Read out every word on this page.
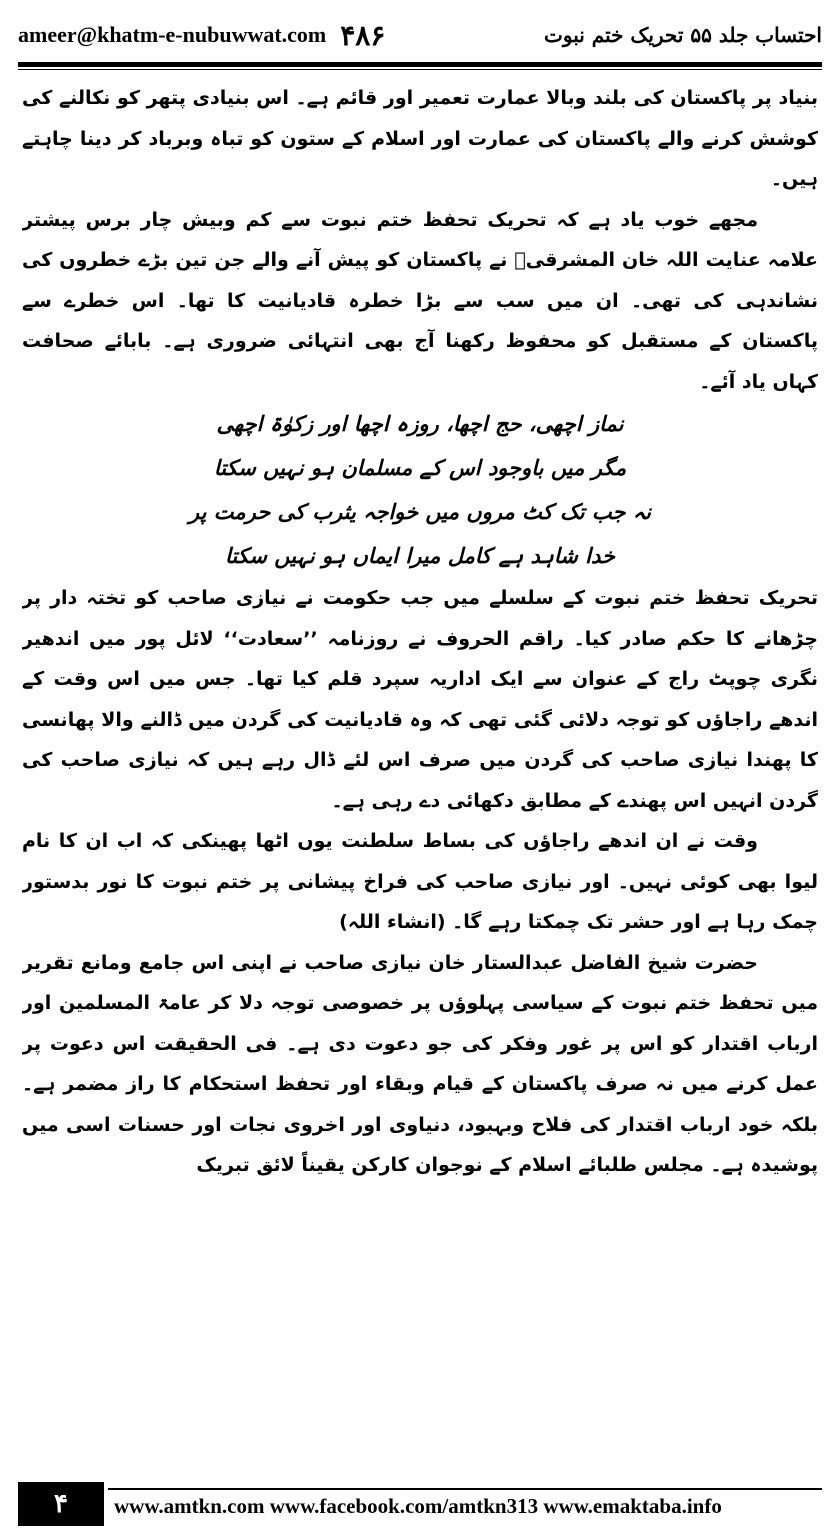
ameer@khatm-e-nubuwwat.com ۴۸۶	احتساب جلد ۵۵ تحریک ختم نبوت

بنیاد پر پاکستان کی بلند وبالا عمارت تعمیر اور قائم ہے۔ اس بنیادی پتھر کو نکالنے کی کوشش کرنے والے پاکستان کی عمارت اور اسلام کے ستون کو تباہ وبرباد کر دینا چاہتے ہیں۔

مجھے خوب یاد ہے کہ تحریک تحفظ ختم نبوت سے کم وبیش چار برس پیشتر علامہ عنایت اللہ خان المشرقیؒ نے پاکستان کو پیش آنے والے جن تین بڑے خطروں کی نشاندہی کی تھی۔ ان میں سب سے بڑا خطرہ قادیانیت کا تھا۔ اس خطرے سے پاکستان کے مستقبل کو محفوظ رکھنا آج بھی انتہائی ضروری ہے۔ بابائے صحافت کہاں یاد آئے۔

نماز اچھی، حج اچھا، روزہ اچھا اور زکوٰۃ اچھی

مگر میں باوجود اس کے مسلمان ہو نہیں سکتا

نہ جب تک کٹ مروں میں خواجہ یثرب کی حرمت پر

خدا شاہد ہے کامل میرا ایماں ہو نہیں سکتا

تحریک تحفظ ختم نبوت کے سلسلے میں جب حکومت نے نیازی صاحب کو تختہ دار پر چڑھانے کا حکم صادر کیا۔ راقم الحروف نے روزنامہ ’’سعادت‘‘ لائل پور میں اندھیر نگری چوپٹ راج کے عنوان سے ایک اداریہ سپرد قلم کیا تھا۔ جس میں اس وقت کے اندھے راجاؤں کو توجہ دلائی گئی تھی کہ وہ قادیانیت کی گردن میں ڈالنے والا پھانسی کا پھندا نیازی صاحب کی گردن میں صرف اس لئے ڈال رہے ہیں کہ نیازی صاحب کی گردن انہیں اس پھندے کے مطابق دکھائی دے رہی ہے۔

وقت نے ان اندھے راجاؤں کی بساط سلطنت یوں اٹھا پھینکی کہ اب ان کا نام لیوا بھی کوئی نہیں۔ اور نیازی صاحب کی فراخ پیشانی پر ختم نبوت کا نور بدستور چمک رہا ہے اور حشر تک چمکتا رہے گا۔ (انشاء اللہ)

حضرت شیخ الفاضل عبدالستار خان نیازی صاحب نے اپنی اس جامع ومانع تقریر میں تحفظ ختم نبوت کے سیاسی پہلوؤں پر خصوصی توجہ دلا کر عامۃ المسلمین اور ارباب اقتدار کو اس پر غور وفکر کی جو دعوت دی ہے۔ فی الحقیقت اس دعوت پر عمل کرنے میں نہ صرف پاکستان کے قیام وبقاء اور تحفظ استحکام کا راز مضمر ہے۔ بلکہ خود ارباب اقتدار کی فلاح وبہبود، دنیاوی اور اخروی نجات اور حسنات اسی میں پوشیدہ ہے۔ مجلس طلبائے اسلام کے نوجوان کارکن یقیناً لائق تبریک

۴ www.amtkn.com www.facebook.com/amtkn313 www.emaktaba.info
